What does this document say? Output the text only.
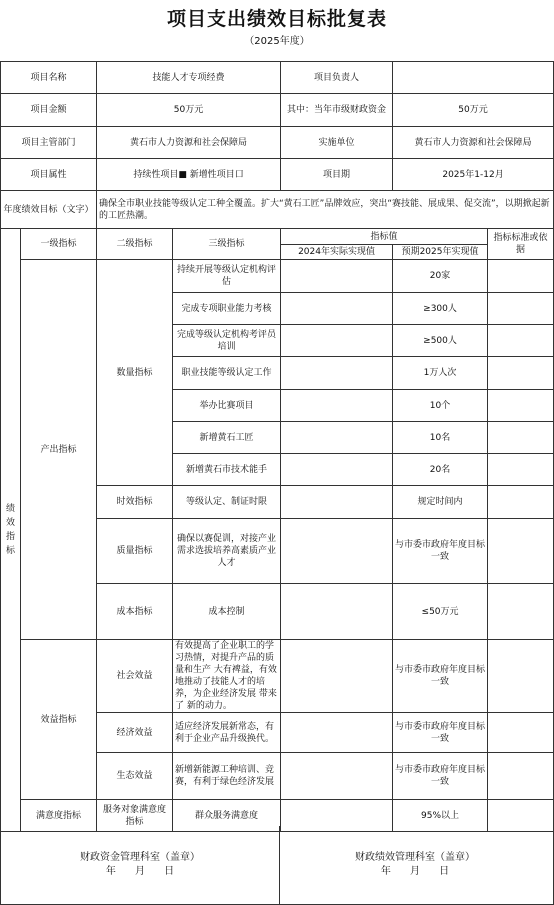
项目支出绩效目标批复表
（2025年度）
项目名称		技能人才专项经费		项目负责人		
项目金额		50万元		其中：当年市级财政资金	50万元	
项目主管部门		黄石市人力资源和社会保障局		实施单位	黄石市人力资源和社会保障局	
项目属性		持续性项目■ 新增性项目口		项目期	2025年1-12月	
年度绩效目标（文字）		确保全市职业技能等级认定工种全覆盖。扩大“黄石工匠”品牌效应，突出“赛技能、展成果、促交流”，以期掀起新的工匠热潮。				

绩效指标	一级指标	二级指标	三级指标	指标值		指标标准或依据
				2024年实际实现值	预期2025年实现值	
	产出指标	数量指标	持续开展等级认定机构评估		20家	
			完成专项职业能力考核		≥300人	
			完成等级认定机构考评员培训		≥500人	
			职业技能等级认定工作		1万人次	
			举办比赛项目		10个	
			新增黄石工匠		10名	
			新增黄石市技术能手		20名	
		时效指标	等级认定、制证时限		规定时间内	
		质量指标	确保以赛促训，对接产业需求选拔培养高素质产业人才		与市委市政府年度目标一致	
		成本指标	成本控制		≤50万元	
	效益指标	社会效益	有效提高了企业职工的学习热情，对提升产品的质量和生产 大有裨益，有效地推动了技能人才的培养，为企业经济发展 带来了 新的动力。		与市委市政府年度目标一致	
		经济效益	适应经济发展新常态，有利于企业产品升级换代。		与市委市政府年度目标一致	
		生态效益	新增新能源工种培训、竞赛，有利于绿色经济发展		与市委市政府年度目标一致	
	满意度指标	服务对象满意度指标	群众服务满意度		95%以上	
财政资金管理科室（盖章）
年      月      日
财政绩效管理科室（盖章）
年      月      日
